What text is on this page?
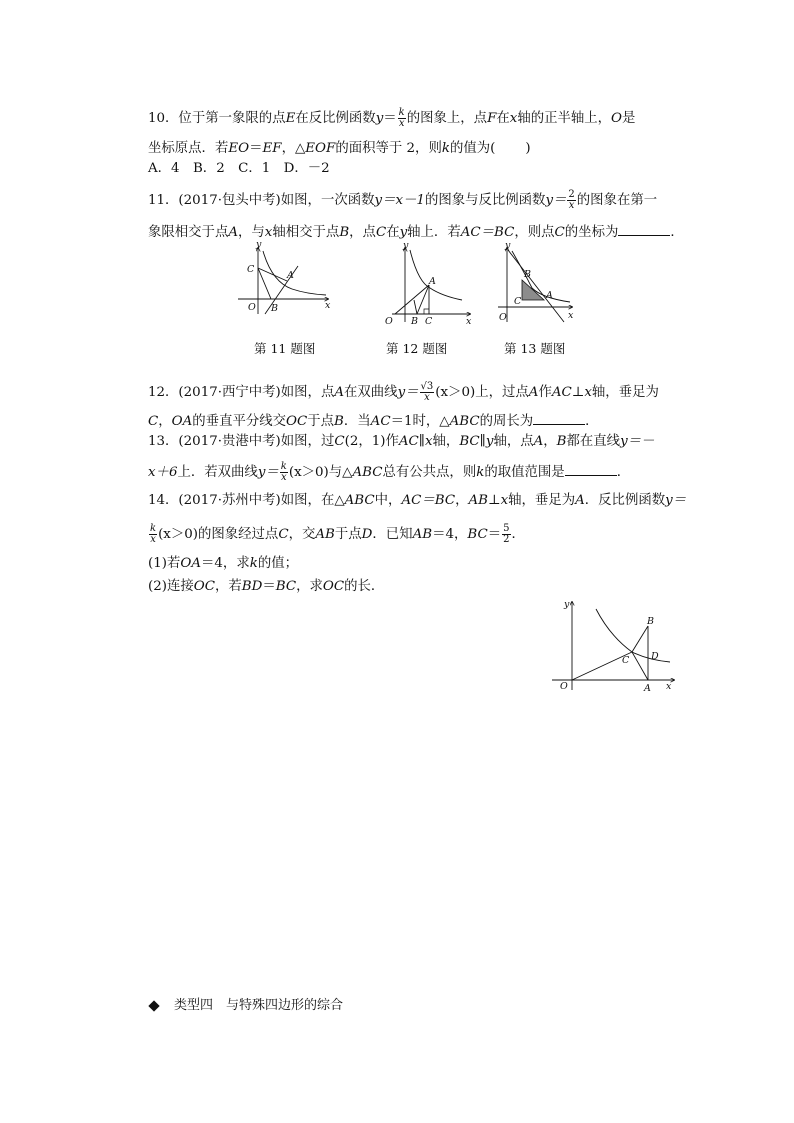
10．位于第一象限的点E在反比例函数$y= \frac{k}{x}$ 的图象上，点F在x轴的正半轴上，O是
坐标原点．若EO＝EF，△EOF的面积等于 2，则k的值为( )
A．4　B．2　C．1　D．－2
11．(2017·包头中考)如图，一次函数y＝x－1的图象与反比例函数$y= \frac{2}{x}$ 的图象在第一
象限相交于点A，与x轴相交于点B，点C在y轴上．若AC＝BC，则点C的坐标为	．
y
x
O
C
A
B
第 11 题图
y
x
O
A
B C
第 12 题图
y
x
O
B
C
A
第 13 题图
12．(2017·西宁中考)如图，点A在双曲线$y= \frac{√3}{x} (x>0)$上，过点A作AC⊥x轴，垂足为
C，OA的垂直平分线交OC于点B．当AC＝1时，△ABC的周长为	．
13．(2017·贵港中考)如图，过C(2，1)作AC∥x轴，BC∥y轴，点A，B都在直线y＝－
x＋6上．若双曲线$y= \frac{k}{x} (x>0)$与△ABC总有公共点，则k的取值范围是	．
14．(2017·苏州中考)如图，在△ABC中，AC＝BC，AB⊥x轴，垂足为A．反比例函数y＝
$\frac{k}{x} (x>0)$的图象经过点C，交AB于点D．已知AB＝4，$BC= \frac{5}{2}$ ．
(1)若OA＝4，求k的值；
(2)连接OC，若BD＝BC，求OC的长．
y
x
O	A
B
C D
类型四　与特殊四边形的综合
